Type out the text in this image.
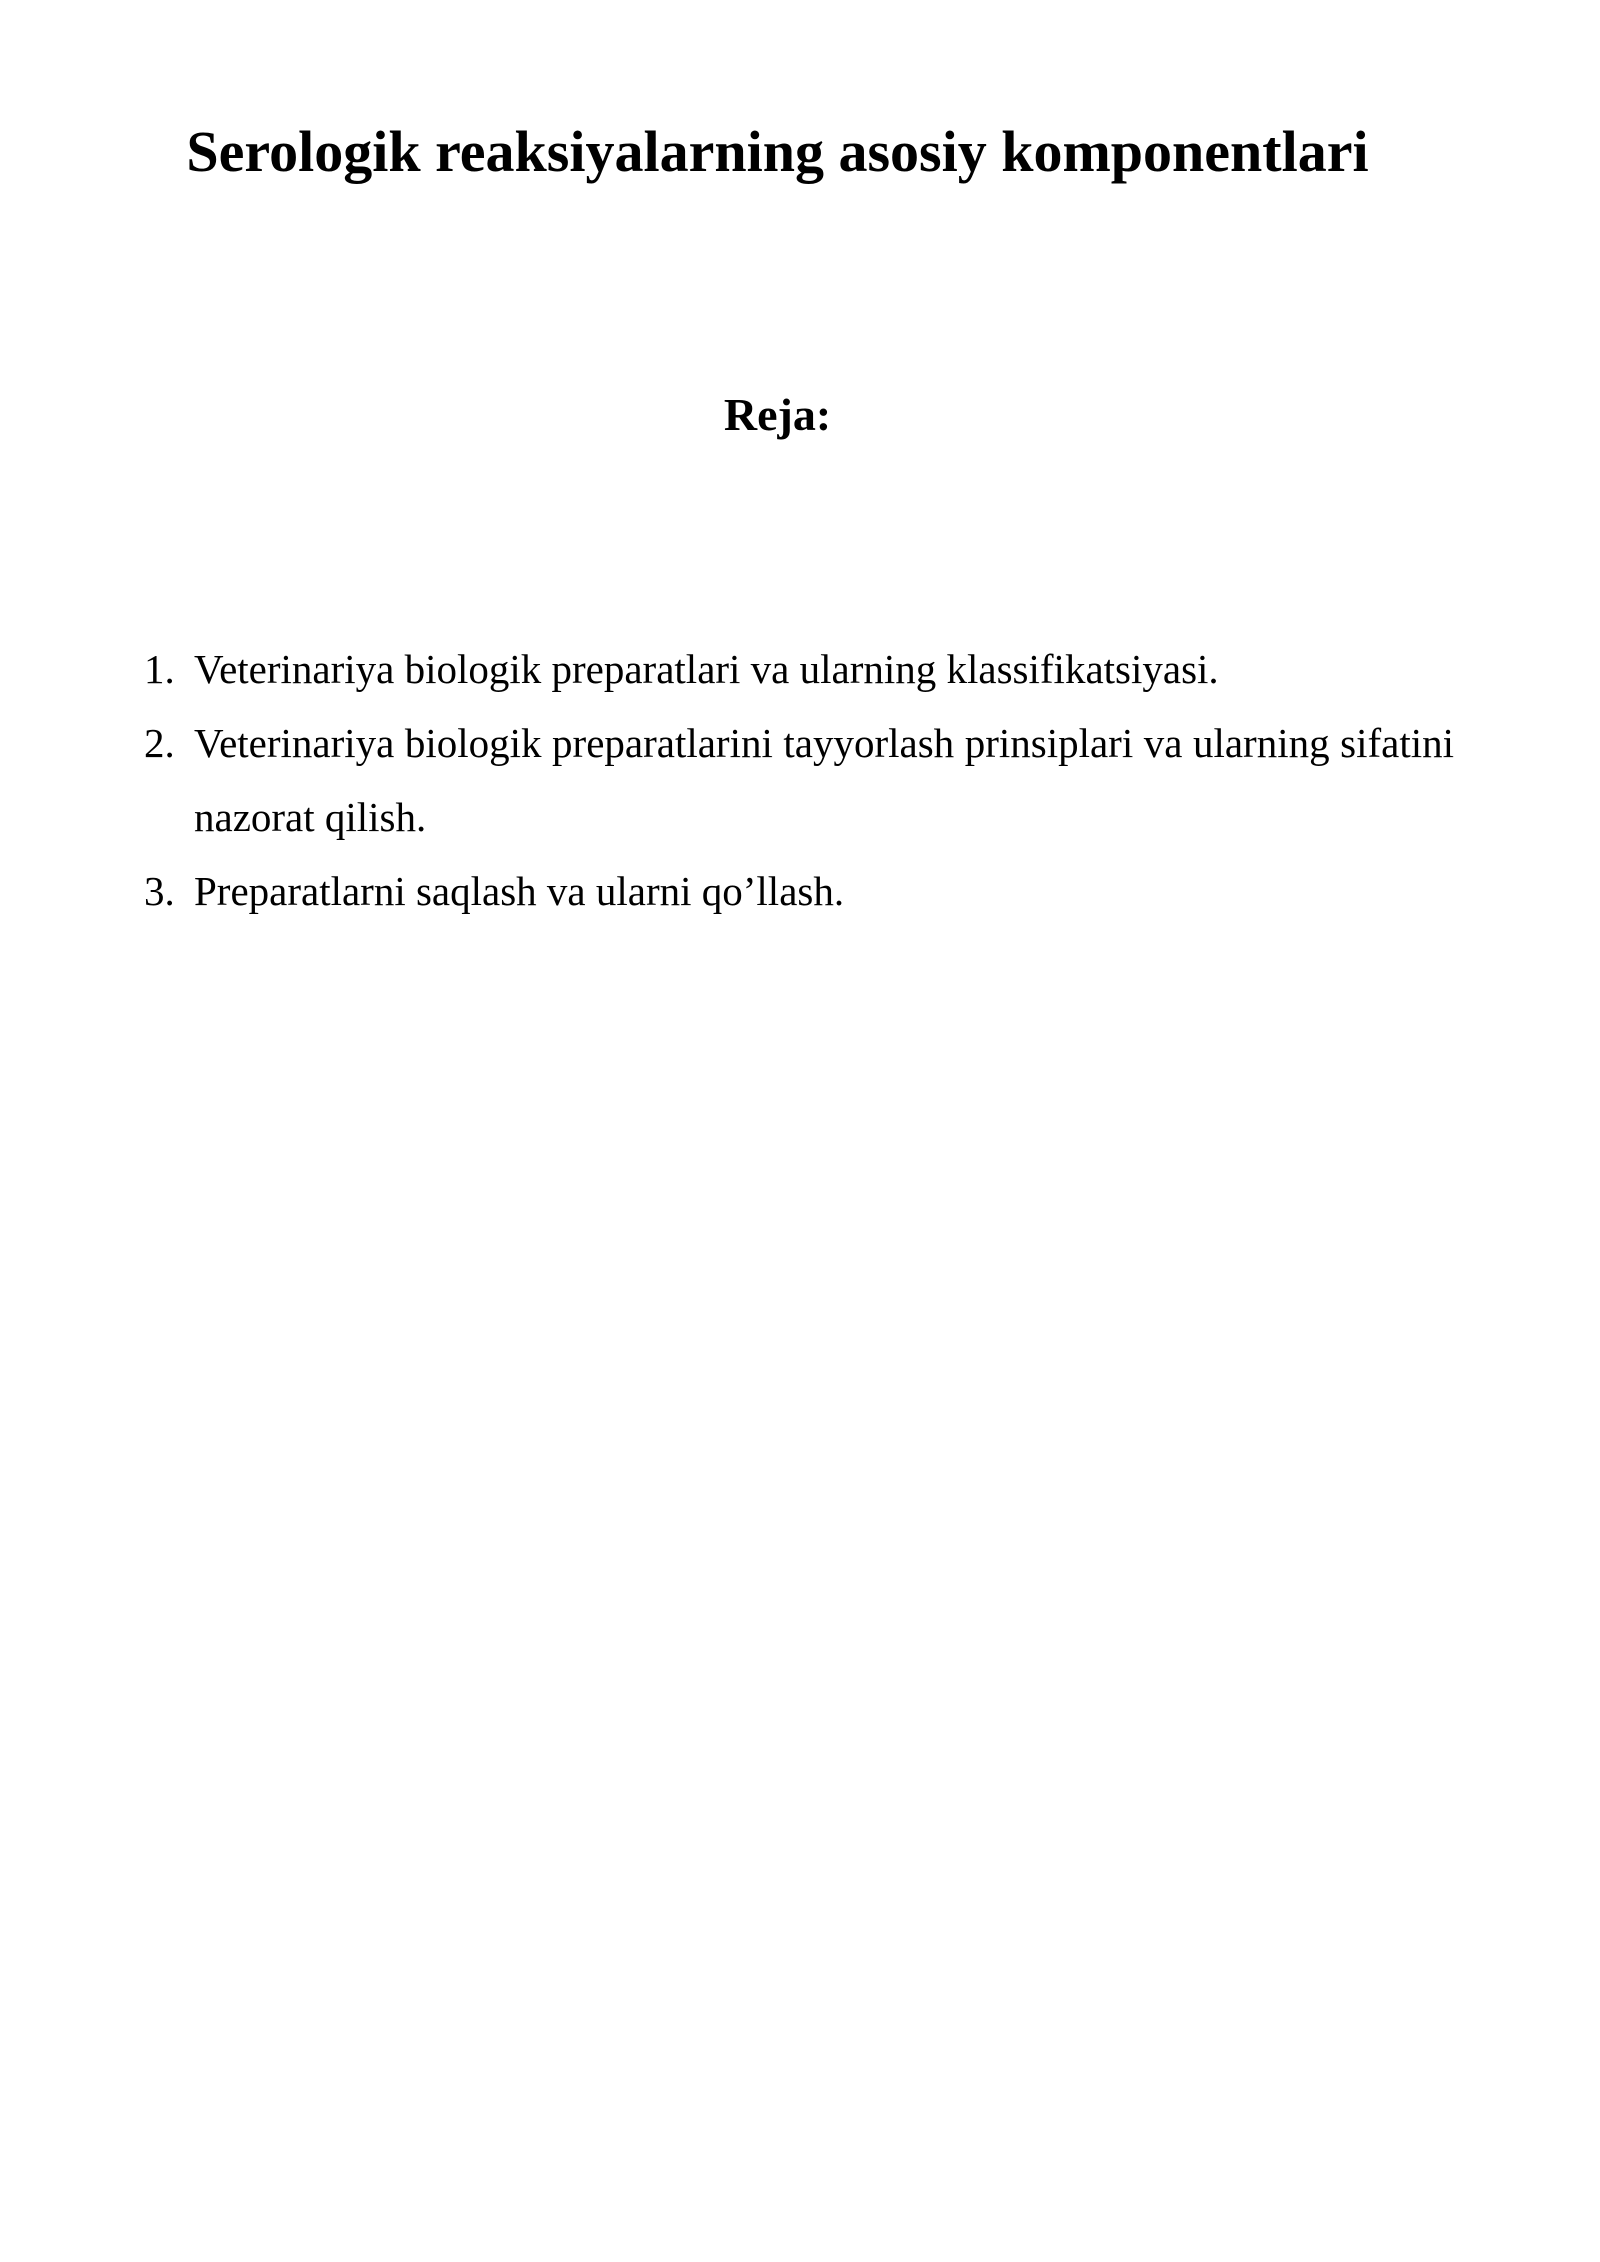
Serologik reaksiyalarning asosiy komponentlari
Reja:
1. Veterinariya biologik preparatlari va ularning klassifikatsiyasi.
2. Veterinariya biologik preparatlarini tayyorlash prinsiplari va ularning sifatini nazorat qilish.
3. Preparatlarni saqlash va ularni qo’llash.
